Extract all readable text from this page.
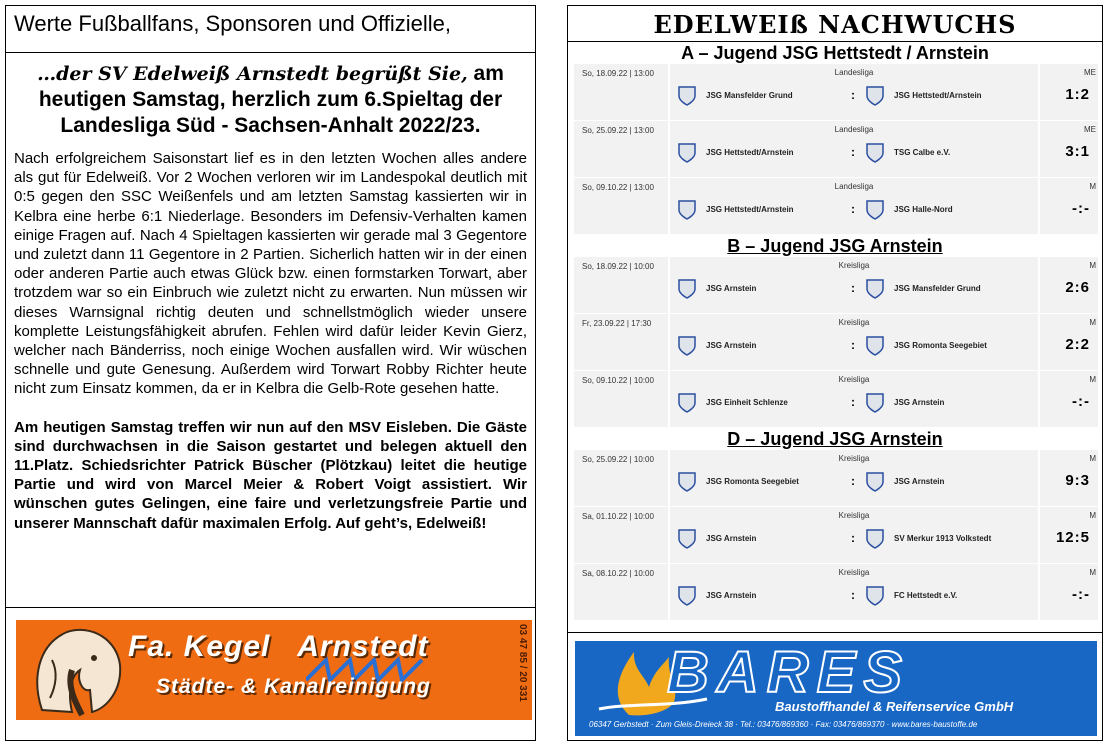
Werte Fußballfans, Sponsoren und Offizielle,
…der SV Edelweiß Arnstedt begrüßt Sie, am heutigen Samstag, herzlich zum 6.Spieltag der Landesliga Süd - Sachsen-Anhalt 2022/23.

Nach erfolgreichem Saisonstart lief es in den letzten Wochen alles andere als gut für Edelweiß. Vor 2 Wochen verloren wir im Landespokal deutlich mit 0:5 gegen den SSC Weißenfels und am letzten Samstag kassierten wir in Kelbra eine herbe 6:1 Niederlage. Besonders im Defensiv-Verhalten kamen einige Fragen auf. Nach 4 Spieltagen kassierten wir gerade mal 3 Gegentore und zuletzt dann 11 Gegentore in 2 Partien. Sicherlich hatten wir in der einen oder anderen Partie auch etwas Glück bzw. einen formstarken Torwart, aber trotzdem war so ein Einbruch wie zuletzt nicht zu erwarten. Nun müssen wir dieses Warnsignal richtig deuten und schnellstmöglich wieder unsere komplette Leistungsfähigkeit abrufen. Fehlen wird dafür leider Kevin Gierz, welcher nach Bänderriss, noch einige Wochen ausfallen wird. Wir wüschen schnelle und gute Genesung. Außerdem wird Torwart Robby Richter heute nicht zum Einsatz kommen, da er in Kelbra die Gelb-Rote gesehen hatte.

Am heutigen Samstag treffen wir nun auf den MSV Eisleben. Die Gäste sind durchwachsen in die Saison gestartet und belegen aktuell den 11.Platz. Schiedsrichter Patrick Büscher (Plötzkau) leitet die heutige Partie und wird von Marcel Meier & Robert Voigt assistiert. Wir wünschen gutes Gelingen, eine faire und verletzungsfreie Partie und unserer Mannschaft dafür maximalen Erfolg. Auf geht’s, Edelweiß!

Fa. Kegel   Arnstedt
Städte- & Kanalreinigung	03 47 85 / 20 331
EDELWEIß NACHWUCHS
A – Jugend JSG Hettstedt / Arnstein
So, 18.09.22 | 13:00	Landesliga
JSG Mansfelder Grund	:	JSG Hettstedt/Arnstein
ME
1:2
So, 25.09.22 | 13:00	Landesliga
JSG Hettstedt/Arnstein	:	TSG Calbe e.V.
ME
3:1
So, 09.10.22 | 13:00	Landesliga
JSG Hettstedt/Arnstein	:	JSG Halle-Nord
M
-:-
B – Jugend JSG Arnstein
So, 18.09.22 | 10:00	Kreisliga
JSG Arnstein	:	JSG Mansfelder Grund
M
2:6
Fr, 23.09.22 | 17:30	Kreisliga
JSG Arnstein	:	JSG Romonta Seegebiet
M
2:2
So, 09.10.22 | 10:00	Kreisliga
JSG Einheit Schlenze	:	JSG Arnstein
M
-:-
D – Jugend JSG Arnstein
So, 25.09.22 | 10:00	Kreisliga
JSG Romonta Seegebiet	:	JSG Arnstein
M
9:3
Sa, 01.10.22 | 10:00	Kreisliga
JSG Arnstein	:	SV Merkur 1913 Volkstedt
M
12:5
Sa, 08.10.22 | 10:00	Kreisliga
JSG Arnstein	:	FC Hettstedt e.V.
M
-:-
BARES
Baustoffhandel & Reifenservice GmbH
06347 Gerbstedt · Zum Gleis-Dreieck 38 · Tel.: 03476/869360 · Fax: 03476/869370 · www.bares-baustoffe.de
